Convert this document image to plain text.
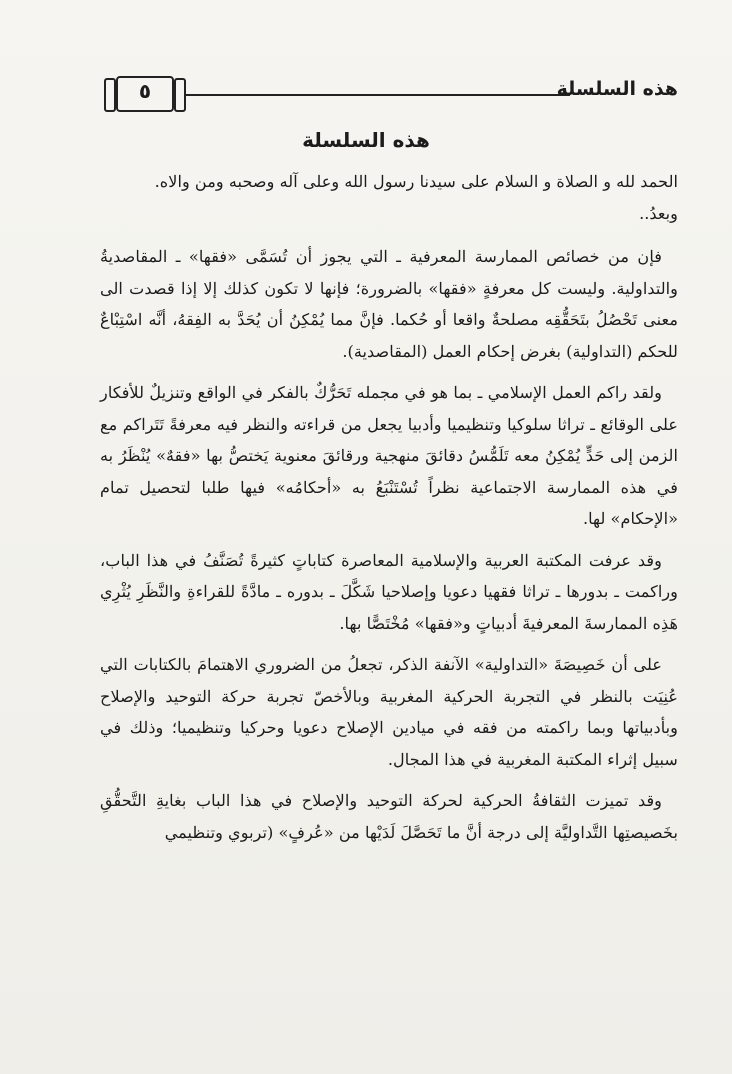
٥	هذه السلسلة
هذه السلسلة

الحمد لله و الصلاة و السلام على سيدنا رسول الله وعلى آله وصحبه ومن والاه.

وبعدُ..

فإن من خصائص الممارسة المعرفية ـ التي يجوز أن تُسَمَّى «فقها» ـ المقاصديةُ والتداولية. وليست كل معرفةٍ «فقها» بالضرورة؛ فإنها لا تكون كذلك إلا إذا قصدت الى معنى تَحْصُلُ بتَحَقُّقِه مصلحةٌ واقعا أو حُكما. فإنَّ مما يُمْكِنُ أن يُحَدَّ به الفِقهُ، أنَّه اسْتِبْاعٌ للحكم (التداولية) بغرض إحكام العمل (المقاصدية).

ولقد راكم العمل الإسلامي ـ بما هو في مجمله تَحَرُّكٌ بالفكر في الواقع وتنزيلٌ للأفكار على الوقائع ـ تراثا سلوكيا وتنظيميا وأدبيا يجعل من قراءته والنظر فيه معرفةً تَتَراكم مع الزمن إلى حَدٍّ يُمْكِنُ معه تَلَمُّسُ دقائقَ منهجية ورقائقَ معنوية يَختصُّ بها «فقهٌ» يُنْظَرُ به في هذه الممارسة الاجتماعية نظراً تُسْتَنْبَعُ به «أحكامُه» فيها طلبا لتحصيل تمام «الإحكام» لها.

وقد عرفت المكتبة العربية والإسلامية المعاصرة كتاباتٍ كثيرةً تُصَنَّفُ في هذا الباب، وراكمت ـ بدورها ـ تراثا فقهيا دعويا وإصلاحيا شَكَّلَ ـ بدوره ـ مادَّةً للقراءةِ والنَّظَرِ يُثْرِي هَذِه الممارسةَ المعرفيةَ أدبياتٍ و«فقها» مُخْتَصًّا بها.

على أن خَصِيصَةَ «التداولية» الآنفة الذكر، تجعلُ من الضروري الاهتمامَ بالكتابات التي عُنِيَت بالنظر في التجربة الحركية المغربية وبالأخصّ تجربة حركة التوحيد والإصلاح وبأدبياتها وبما راكمته من فقه في ميادين الإصلاح دعويا وحركيا وتنظيميا؛ وذلك في سبيل إثراء المكتبة المغربية في هذا المجال.

وقد تميزت الثقافةُ الحركية لحركة التوحيد والإصلاح في هذا الباب بغايةِ التَّحقُّقِ بخَصيصتِها التَّداوليَّة إلى درجة أنَّ ما تَحَصَّلَ لَدَيْها من «عُرفٍ» (تربوي وتنظيمي
